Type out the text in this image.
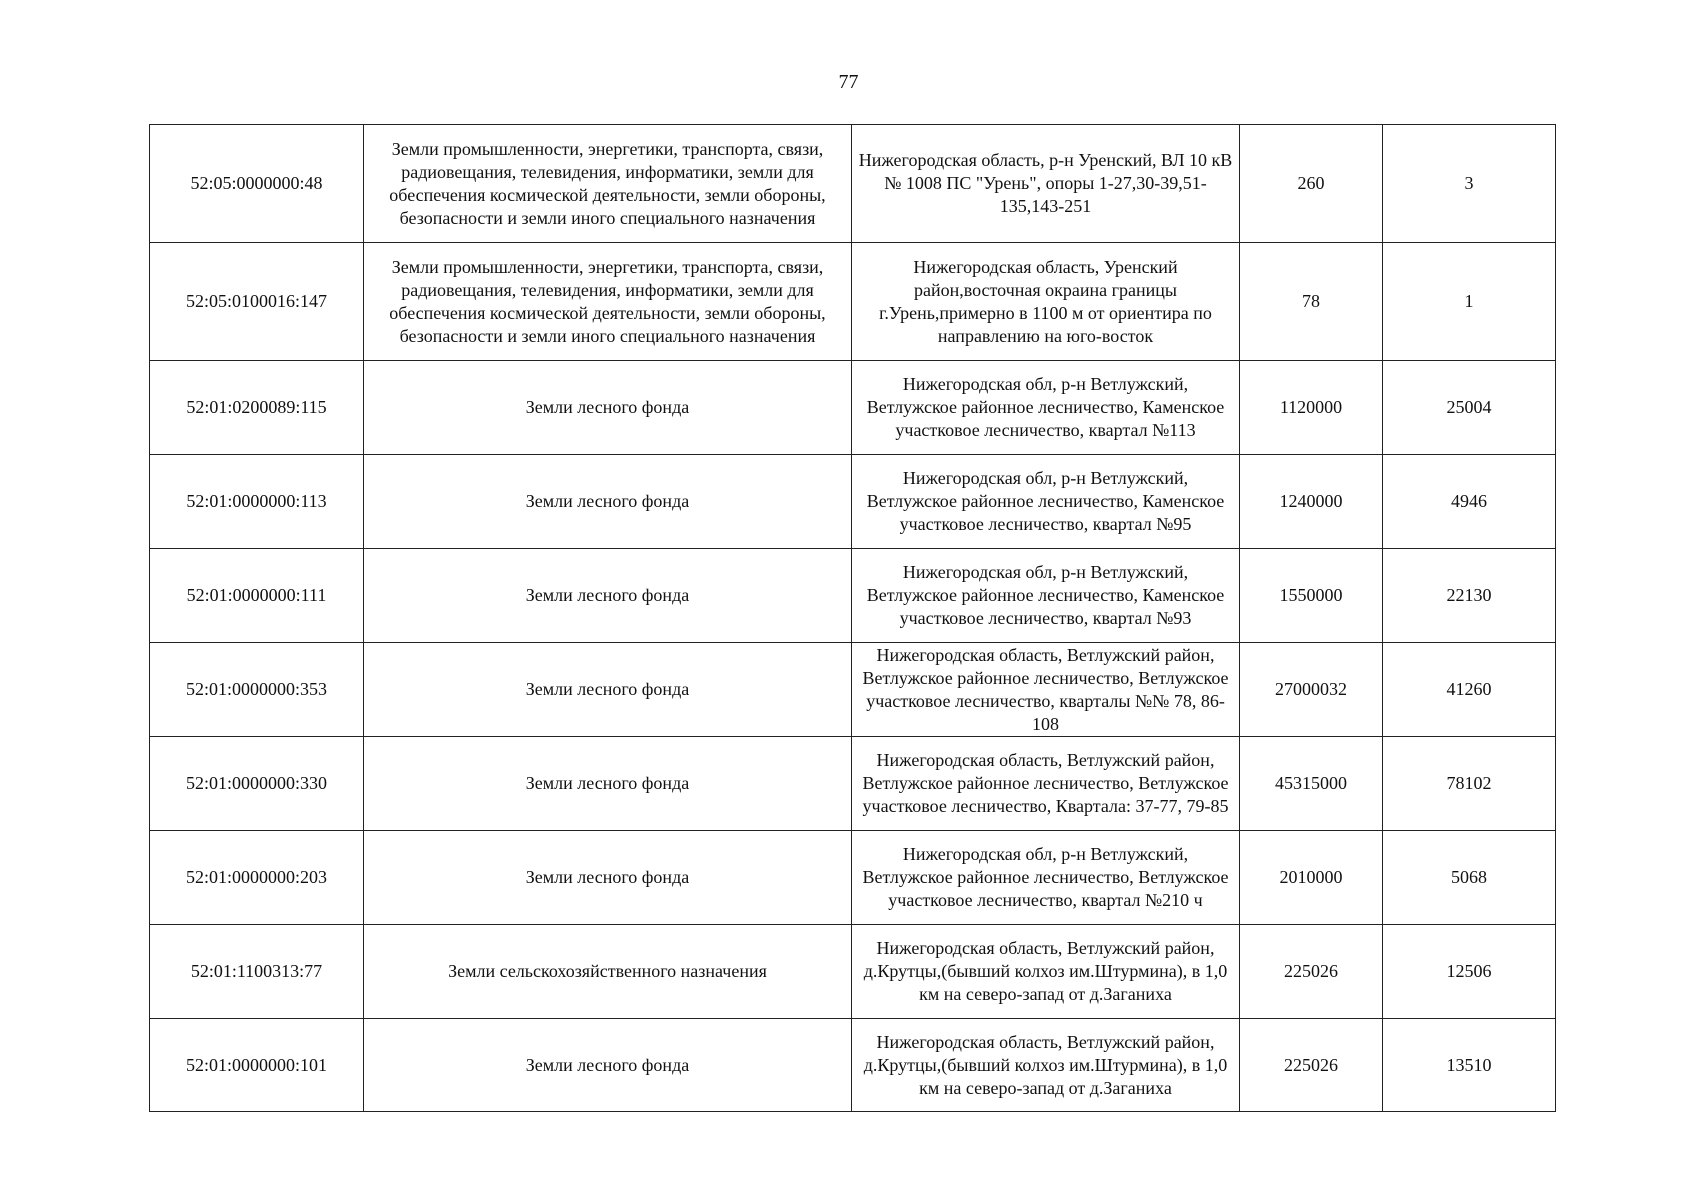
77
52:05:0000000:48	Земли промышленности, энергетики, транспорта, связи, радиовещания, телевидения, информатики, земли для обеспечения космической деятельности, земли обороны, безопасности и земли иного специального назначения	Нижегородская область, р-н Уренский, ВЛ 10 кВ № 1008 ПС "Урень", опоры 1-27,30-39,51-135,143-251	260	3
52:05:0100016:147	Земли промышленности, энергетики, транспорта, связи, радиовещания, телевидения, информатики, земли для обеспечения космической деятельности, земли обороны, безопасности и земли иного специального назначения	Нижегородская область, Уренский район,восточная окраина границы г.Урень,примерно в 1100 м от ориентира по направлению на юго-восток	78	1
52:01:0200089:115	Земли лесного фонда	Нижегородская обл, р-н Ветлужский, Ветлужское районное лесничество, Каменское участковое лесничество, квартал №113	1120000	25004
52:01:0000000:113	Земли лесного фонда	Нижегородская обл, р-н Ветлужский, Ветлужское районное лесничество, Каменское участковое лесничество, квартал №95	1240000	4946
52:01:0000000:111	Земли лесного фонда	Нижегородская обл, р-н Ветлужский, Ветлужское районное лесничество, Каменское участковое лесничество, квартал №93	1550000	22130
52:01:0000000:353	Земли лесного фонда	Нижегородская область, Ветлужский район, Ветлужское районное лесничество, Ветлужское участковое лесничество, кварталы №№ 78, 86-108	27000032	41260
52:01:0000000:330	Земли лесного фонда	Нижегородская область, Ветлужский район, Ветлужское районное лесничество, Ветлужское участковое лесничество, Квартала: 37-77, 79-85	45315000	78102
52:01:0000000:203	Земли лесного фонда	Нижегородская обл, р-н Ветлужский, Ветлужское районное лесничество, Ветлужское участковое лесничество, квартал №210 ч	2010000	5068
52:01:1100313:77	Земли сельскохозяйственного назначения	Нижегородская область, Ветлужский район, д.Крутцы,(бывший колхоз им.Штурмина), в 1,0 км на северо-запад от д.Заганиха	225026	12506
52:01:0000000:101	Земли лесного фонда	Нижегородская область, Ветлужский район, д.Крутцы,(бывший колхоз им.Штурмина), в 1,0 км на северо-запад от д.Заганиха	225026	13510
